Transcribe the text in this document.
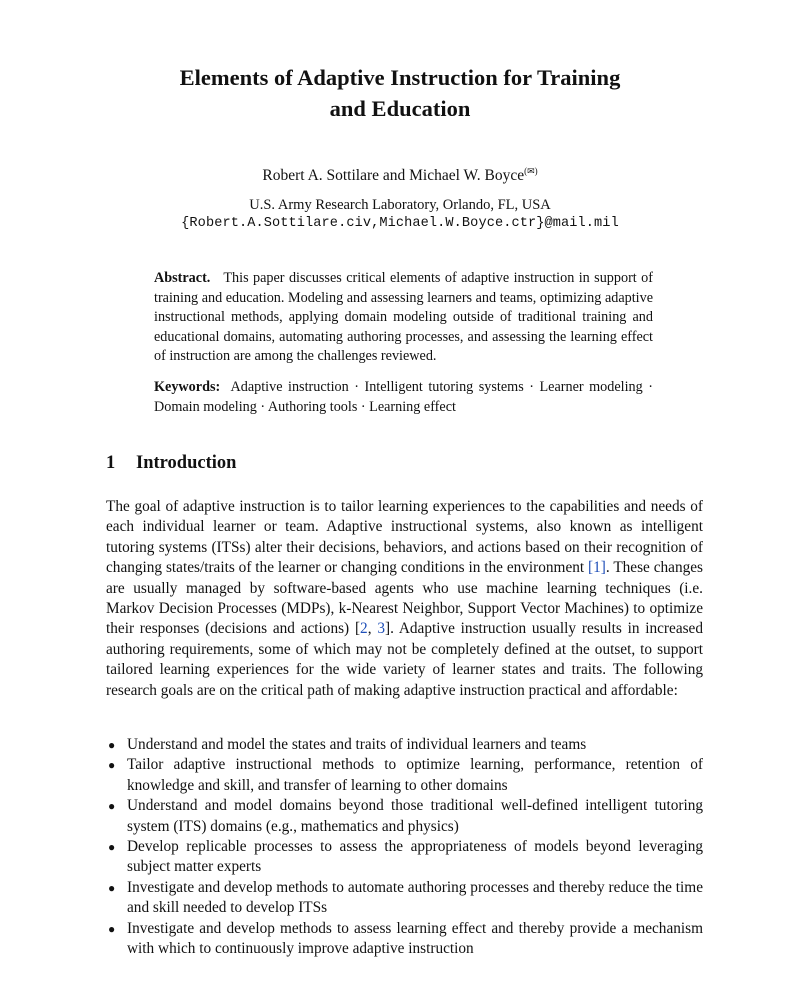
Elements of Adaptive Instruction for Training
and Education
Robert A. Sottilare and Michael W. Boyce(✉)
U.S. Army Research Laboratory, Orlando, FL, USA
{Robert.A.Sottilare.civ,Michael.W.Boyce.ctr}@mail.mil

Abstract. This paper discusses critical elements of adaptive instruction in support of training and education. Modeling and assessing learners and teams, optimizing adaptive instructional methods, applying domain modeling outside of traditional training and educational domains, automating authoring processes, and assessing the learning effect of instruction are among the challenges reviewed.

Keywords: Adaptive instruction · Intelligent tutoring systems · Learner modeling · Domain modeling · Authoring tools · Learning effect

1 Introduction

The goal of adaptive instruction is to tailor learning experiences to the capabilities and needs of each individual learner or team. Adaptive instructional systems, also known as intelligent tutoring systems (ITSs) alter their decisions, behaviors, and actions based on their recognition of changing states/traits of the learner or changing conditions in the environment [1]. These changes are usually managed by software-based agents who use machine learning techniques (i.e. Markov Decision Processes (MDPs), k-Nearest Neighbor, Support Vector Machines) to optimize their responses (decisions and actions) [2, 3]. Adaptive instruction usually results in increased authoring requirements, some of which may not be completely defined at the outset, to support tailored learning experiences for the wide variety of learner states and traits. The following research goals are on the critical path of making adaptive instruction practical and affordable:

● Understand and model the states and traits of individual learners and teams
● Tailor adaptive instructional methods to optimize learning, performance, retention of knowledge and skill, and transfer of learning to other domains
● Understand and model domains beyond those traditional well-defined intelligent tutoring system (ITS) domains (e.g., mathematics and physics)
● Develop replicable processes to assess the appropriateness of models beyond leveraging subject matter experts
● Investigate and develop methods to automate authoring processes and thereby reduce the time and skill needed to develop ITSs
● Investigate and develop methods to assess learning effect and thereby provide a mechanism with which to continuously improve adaptive instruction
